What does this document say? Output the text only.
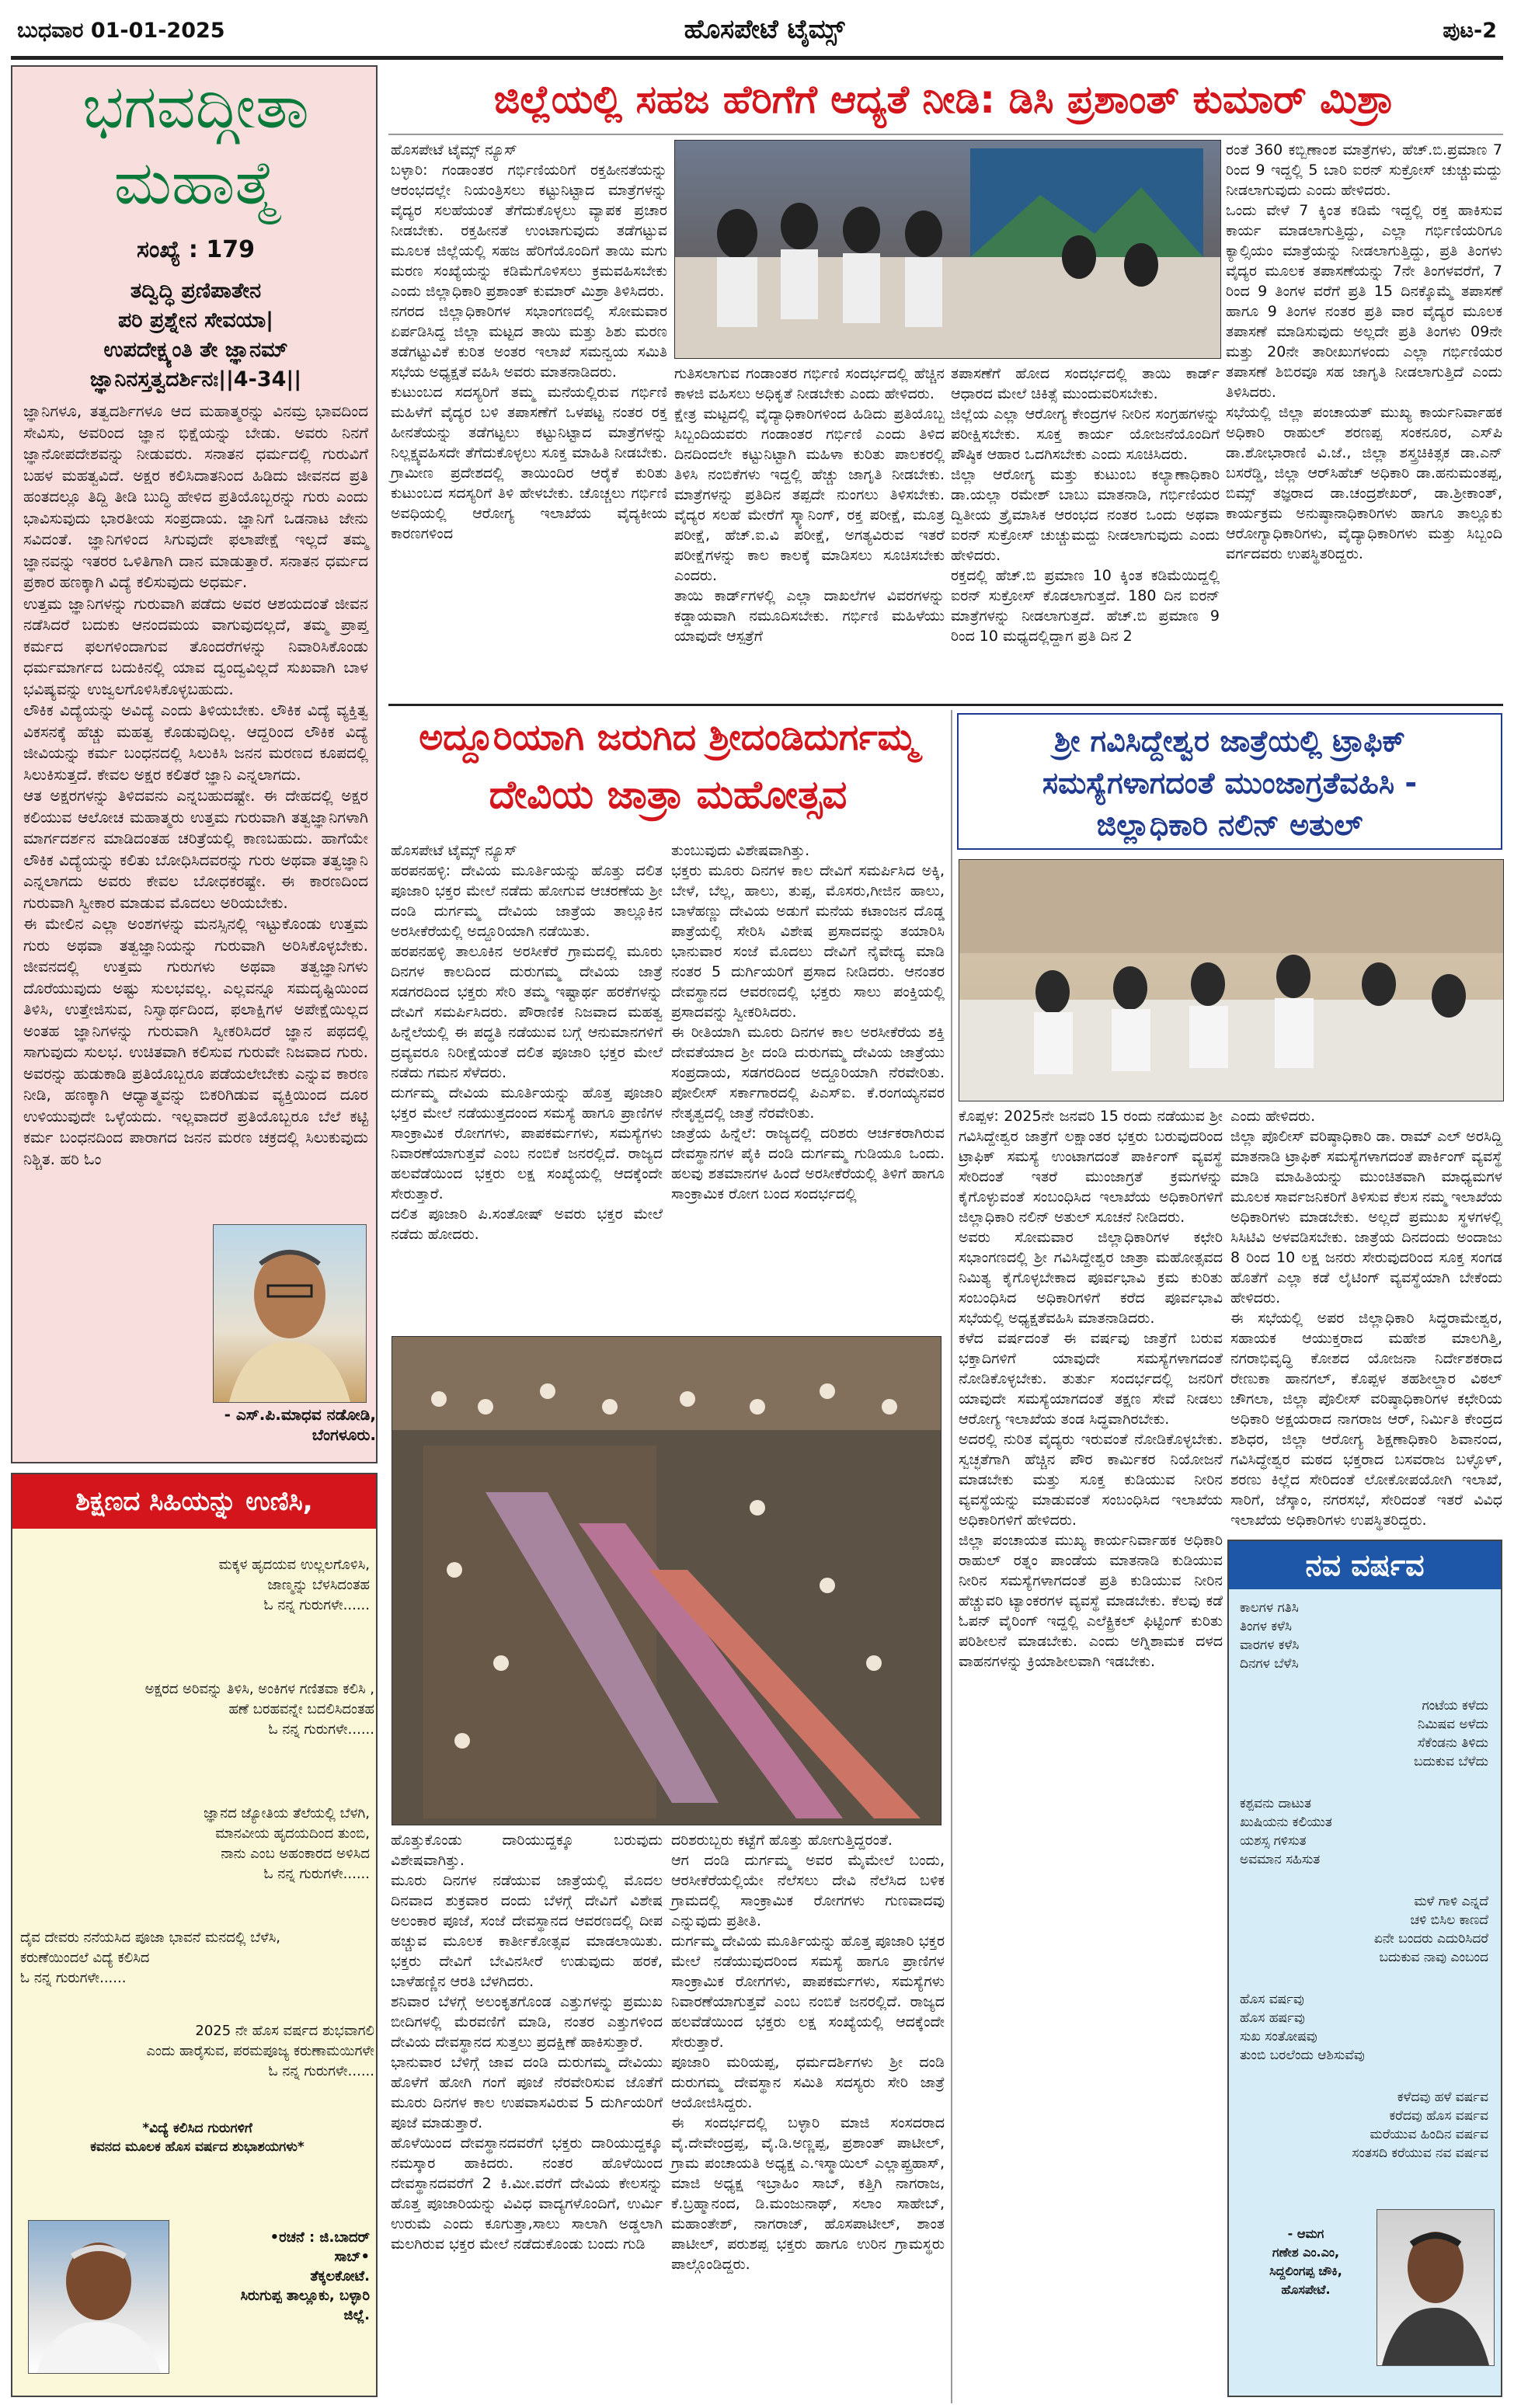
ಬುಧವಾರ 01-01-2025	ಹೊಸಪೇಟೆ ಟೈಮ್ಸ್	ಪುಟ-2
ಭಗವದ್ಗೀತಾ
ಮಹಾತ್ಮೆ
ಸಂಖ್ಯೆ : 179
ತದ್ವಿದ್ಧಿ ಪ್ರಣಿಪಾತೇನ
ಪರಿ ಪ್ರಶ್ನೇನ ಸೇವಯಾ|
ಉಪದೇಕ್ಷ್ಯಂತಿ ತೇ ಜ್ಞಾನಮ್
ಜ್ಞಾನಿನಸ್ತತ್ವದರ್ಶಿನಃ||4-34||
ಜ್ಞಾನಿಗಳೂ, ತತ್ವದರ್ಶಿಗಳೂ ಆದ ಮಹಾತ್ಮರನ್ನು ವಿನಮ್ರ ಭಾವದಿಂದ ಸೇವಿಸು, ಅವರಿಂದ ಜ್ಞಾನ ಭಿಕ್ಷೆಯನ್ನು ಬೇಡು. ಅವರು ನಿನಗೆ ಜ್ಞಾನೋಪದೇಶವನ್ನು ನೀಡುವರು. ಸನಾತನ ಧರ್ಮದಲ್ಲಿ ಗುರುವಿಗೆ ಬಹಳ ಮಹತ್ವವಿದೆ. ಅಕ್ಷರ ಕಲಿಸಿದಾತನಿಂದ ಹಿಡಿದು ಜೀವನದ ಪ್ರತಿ ಹಂತದಲ್ಲೂ ತಿದ್ದಿ ತೀಡಿ ಬುದ್ಧಿ ಹೇಳಿದ ಪ್ರತಿಯೊಬ್ಬರನ್ನು ಗುರು ಎಂದು ಭಾವಿಸುವುದು ಭಾರತೀಯ ಸಂಪ್ರದಾಯ. ಜ್ಞಾನಿಗೆ ಒಡನಾಟ ಜೇನು ಸವಿದಂತೆ. ಜ್ಞಾನಿಗಳಿಂದ ಸಿಗುವುದೇ ಫಲಾಪೇಕ್ಷೆ ಇಲ್ಲದೆ ತಮ್ಮ ಜ್ಞಾನವನ್ನು ಇತರರ ಒಳಿತಿಗಾಗಿ ದಾನ ಮಾಡುತ್ತಾರೆ. ಸನಾತನ ಧರ್ಮದ ಪ್ರಕಾರ ಹಣಕ್ಕಾಗಿ ವಿದ್ಯೆ ಕಲಿಸುವುದು ಅಧರ್ಮ.
ಉತ್ತಮ ಜ್ಞಾನಿಗಳನ್ನು ಗುರುವಾಗಿ ಪಡೆದು ಅವರ ಆಶಯದಂತೆ ಜೀವನ ನಡೆಸಿದರೆ ಬದುಕು ಆನಂದಮಯ ವಾಗುವುದಲ್ಲದೆ, ತಮ್ಮ ಪ್ರಾಪ್ತ ಕರ್ಮದ ಫಲಗಳಿಂದಾಗುವ ತೊಂದರೆಗಳನ್ನು ನಿವಾರಿಸಿಕೊಂಡು ಧರ್ಮಮಾರ್ಗದ ಬದುಕಿನಲ್ಲಿ ಯಾವ ದ್ವಂದ್ವವಿಲ್ಲದೆ ಸುಖವಾಗಿ ಬಾಳ ಭವಿಷ್ಯವನ್ನು ಉಜ್ವಲಗೊಳಿಸಿಕೊಳ್ಳಬಹುದು.
ಲೌಕಿಕ ವಿದ್ಯೆಯನ್ನು ಅವಿದ್ಯೆ ಎಂದು ತಿಳಿಯಬೇಕು. ಲೌಕಿಕ ವಿದ್ಯೆ ವ್ಯಕ್ತಿತ್ವ ವಿಕಸನಕ್ಕೆ ಹೆಚ್ಚು ಮಹತ್ವ ಕೊಡುವುದಿಲ್ಲ. ಆದ್ದರಿಂದ ಲೌಕಿಕ ವಿದ್ಯೆ ಜೀವಿಯನ್ನು ಕರ್ಮ ಬಂಧನದಲ್ಲಿ ಸಿಲುಕಿಸಿ ಜನನ ಮರಣದ ಕೂಪದಲ್ಲಿ ಸಿಲುಕಿಸುತ್ತದೆ. ಕೇವಲ ಅಕ್ಷರ ಕಲಿತರೆ ಜ್ಞಾನಿ ಎನ್ನಲಾಗದು.
ಆತ ಅಕ್ಷರಗಳನ್ನು ತಿಳಿದವನು ಎನ್ನಬಹುದಷ್ಟೇ. ಈ ದೇಹದಲ್ಲಿ ಅಕ್ಷರ ಕಲಿಯುವ ಆಲೋಚ ಮಹಾತ್ಮರು ಉತ್ತಮ ಗುರುವಾಗಿ ತತ್ವಜ್ಞಾನಿಗಳಾಗಿ ಮಾರ್ಗದರ್ಶನ ಮಾಡಿದಂತಹ ಚರಿತ್ರೆಯಲ್ಲಿ ಕಾಣಬಹುದು. ಹಾಗೆಯೇ ಲೌಕಿಕ ವಿದ್ಯೆಯನ್ನು ಕಲಿತು ಬೋಧಿಸಿದವರನ್ನು ಗುರು ಅಥವಾ ತತ್ವಜ್ಞಾನಿ ಎನ್ನಲಾಗದು ಅವರು ಕೇವಲ ಬೋಧಕರಷ್ಟೇ. ಈ ಕಾರಣದಿಂದ ಗುರುವಾಗಿ ಸ್ವೀಕಾರ ಮಾಡುವ ಮೊದಲು ಅರಿಯಬೇಕು.
ಈ ಮೇಲಿನ ಎಲ್ಲಾ ಅಂಶಗಳನ್ನು ಮನಸ್ಸಿನಲ್ಲಿ ಇಟ್ಟುಕೊಂಡು ಉತ್ತಮ ಗುರು ಅಥವಾ ತತ್ವಜ್ಞಾನಿಯನ್ನು ಗುರುವಾಗಿ ಅರಿಸಿಕೊಳ್ಳಬೇಕು. ಜೀವನದಲ್ಲಿ ಉತ್ತಮ ಗುರುಗಳು ಅಥವಾ ತತ್ವಜ್ಞಾನಿಗಳು ದೊರೆಯುವುದು ಅಷ್ಟು ಸುಲಭವಲ್ಲ. ಎಲ್ಲವನ್ನೂ ಸಮದೃಷ್ಟಿಯಿಂದ ತಿಳಿಸಿ, ಉತ್ತೇಜಿಸುವ, ನಿಸ್ವಾರ್ಥದಿಂದ, ಫಲಾಕ್ಷಿಗಳ ಅಪೇಕ್ಷೆಯಿಲ್ಲದ ಅಂತಹ ಜ್ಞಾನಿಗಳನ್ನು ಗುರುವಾಗಿ ಸ್ವೀಕರಿಸಿದರೆ ಜ್ಞಾನ ಪಥದಲ್ಲಿ ಸಾಗುವುದು ಸುಲಭ. ಉಚಿತವಾಗಿ ಕಲಿಸುವ ಗುರುವೇ ನಿಜವಾದ ಗುರು. ಅವರನ್ನು ಹುಡುಕಾಡಿ ಪ್ರತಿಯೊಬ್ಬರೂ ಪಡೆಯಲೇಬೇಕು ಎನ್ನುವ ಕಾರಣ ನೀಡಿ, ಹಣಕ್ಕಾಗಿ ಆಧ್ಯಾತ್ಮವನ್ನು ಬಿಕರಿಗಿಡುವ ವ್ಯಕ್ತಿಯಿಂದ ದೂರ ಉಳಿಯುವುದೇ ಒಳ್ಳೆಯದು. ಇಲ್ಲವಾದರೆ ಪ್ರತಿಯೊಬ್ಬರೂ ಬೆಲೆ ಕಟ್ಟಿ ಕರ್ಮ ಬಂಧನದಿಂದ ಪಾರಾಗದ ಜನನ ಮರಣ ಚಕ್ರದಲ್ಲಿ ಸಿಲುಕುವುದು ನಿಶ್ಚಿತ. ಹರಿ ಓಂ
- ಎಸ್.ಪಿ.ಮಾಧವ ನಡೋಡಿ,
ಬೆಂಗಳೂರು.
ಶಿಕ್ಷಣದ ಸಿಹಿಯನ್ನು ಉಣಿಸಿ,
ಮಕ್ಕಳ ಹೃದಯವ ಉಲ್ಲಲಗೊಳಿಸಿ,
ಜಾಣ್ಮನ್ನು ಬೆಳಸಿದಂತಹ
ಓ ನನ್ನ ಗುರುಗಳೇ......
ಅಕ್ಷರದ ಅರಿವನ್ನು ತಿಳಿಸಿ, ಅಂಕಿಗಳ ಗಣಿತವಾ ಕಲಿಸಿ ,
ಹಣೆ ಬರಹವನ್ನೇ ಬದಲಿಸಿದಂತಹ
ಓ ನನ್ನ ಗುರುಗಳೇ......
ಜ್ಞಾನದ ಜ್ಯೋತಿಯ ತೆಲೆಯಲ್ಲಿ ಬೆಳಗಿ,
ಮಾನವೀಯ ಹೃದಯದಿಂದ ತುಂಬಿ,
ನಾನು ಎಂಬ ಅಹಂಕಾರದ ಅಳಿಸಿದ
ಓ ನನ್ನ ಗುರುಗಳೇ......
ದೈವ ದೇವರು ನನೆಯಸಿದ ಪೂಜಾ ಭಾವನೆ ಮನದಲ್ಲಿ ಬೆಳೆಸಿ,
ಕರುಣೆಯಿಂದಲೆ ವಿದ್ಯೆ ಕಲಿಸಿದ
ಓ ನನ್ನ ಗುರುಗಳೇ......
2025 ನೇ ಹೊಸ ವರ್ಷದ ಶುಭವಾಗಲಿ
ಎಂದು ಹಾರೈಸುವ, ಪರಮಪೂಜ್ಯ ಕರುಣಾಮಯಿಗಳೇ
ಓ ನನ್ನ ಗುರುಗಳೇ......
*ವಿದ್ಯೆ ಕಲಿಸಿದ ಗುರುಗಳಿಗೆ
ಕವನದ ಮೂಲಕ ಹೊಸ ವರ್ಷದ ಶುಭಾಶಯಗಳು*
•ರಚನೆ : ಜಿ.ಬಾದರ್
ಸಾಬ್•
ತೆಕ್ಕಲಕೋಟೆ.
ಸಿರುಗುಪ್ಪ ತಾಲ್ಲೂಕು, ಬಳ್ಳಾರಿ
ಜಿಲ್ಲೆ.
ಜಿಲ್ಲೆಯಲ್ಲಿ ಸಹಜ ಹೆರಿಗೆಗೆ ಆದ್ಯತೆ ನೀಡಿ: ಡಿಸಿ ಪ್ರಶಾಂತ್ ಕುಮಾರ್ ಮಿಶ್ರಾ
ಹೊಸಪೇಟೆ ಟೈಮ್ಸ್ ನ್ಯೂಸ್
ಬಳ್ಳಾರಿ: ಗಂಡಾಂತರ ಗರ್ಭಿಣಿಯರಿಗೆ ರಕ್ತಹೀನತೆಯನ್ನು ಆರಂಭದಲ್ಲೇ ನಿಯಂತ್ರಿಸಲು ಕಟ್ಟುನಿಟ್ಟಾದ ಮಾತ್ರೆಗಳನ್ನು ವೈದ್ಯರ ಸಲಹೆಯಂತೆ ತೆಗೆದುಕೊಳ್ಳಲು ವ್ಯಾಪಕ ಪ್ರಚಾರ ನೀಡಬೇಕು. ರಕ್ತಹೀನತೆ ಉಂಟಾಗುವುದು ತಡೆಗಟ್ಟುವ ಮೂಲಕ ಜಿಲ್ಲೆಯಲ್ಲಿ ಸಹಜ ಹೆರಿಗೆಯೊಂದಿಗೆ ತಾಯಿ ಮಗು ಮರಣ ಸಂಖ್ಯೆಯನ್ನು ಕಡಿಮೆಗೊಳಿಸಲು ಕ್ರಮವಹಿಸಬೇಕು ಎಂದು ಜಿಲ್ಲಾಧಿಕಾರಿ ಪ್ರಶಾಂತ್ ಕುಮಾರ್ ಮಿಶ್ರಾ ತಿಳಿಸಿದರು.
ನಗರದ ಜಿಲ್ಲಾಧಿಕಾರಿಗಳ ಸಭಾಂಗಣದಲ್ಲಿ ಸೋಮವಾರ ಏರ್ಪಡಿಸಿದ್ದ ಜಿಲ್ಲಾ ಮಟ್ಟದ ತಾಯಿ ಮತ್ತು ಶಿಶು ಮರಣ ತಡೆಗಟ್ಟುವಿಕೆ ಕುರಿತ ಅಂತರ ಇಲಾಖೆ ಸಮನ್ವಯ ಸಮಿತಿ ಸಭೆಯ ಅಧ್ಯಕ್ಷತೆ ವಹಿಸಿ ಅವರು ಮಾತನಾಡಿದರು.
ಕುಟುಂಬದ ಸದಸ್ಯರಿಗೆ ತಮ್ಮ ಮನೆಯಲ್ಲಿರುವ ಗರ್ಭಿಣಿ ಮಹಿಳೆಗೆ ವೈದ್ಯರ ಬಳಿ ತಪಾಸಣೆಗೆ ಒಳಪಟ್ಟ ನಂತರ ರಕ್ತ ಹೀನತೆಯನ್ನು ತಡೆಗಟ್ಟಲು ಕಟ್ಟುನಿಟ್ಟಾದ ಮಾತ್ರೆಗಳನ್ನು ನಿಲ್ಲಕ್ಷ್ಯವಹಿಸದೇ ತೆಗೆದುಕೊಳ್ಳಲು ಸೂಕ್ತ ಮಾಹಿತಿ ನೀಡಬೇಕು. ಗ್ರಾಮೀಣ ಪ್ರದೇಶದಲ್ಲಿ ತಾಯಿಂದಿರ ಆರೈಕೆ ಕುರಿತು ಕುಟುಂಬದ ಸದಸ್ಯರಿಗೆ ತಿಳಿ ಹೇಳಬೇಕು. ಚೊಚ್ಚಲು ಗರ್ಭಿಣಿ ಅವಧಿಯಲ್ಲಿ ಆರೋಗ್ಯ ಇಲಾಖೆಯ ವೈದ್ಯಕೀಯ ಕಾರಣಗಳಿಂದ
ಗುತಿಸಲಾಗುವ ಗಂಡಾಂತರ ಗರ್ಭಿಣಿ ಸಂದರ್ಭದಲ್ಲಿ ಹೆಚ್ಚಿನ ಕಾಳಜಿ ವಹಿಸಲು ಅಧಿಕೃತೆ ನೀಡಬೇಕು ಎಂದು ಹೇಳಿದರು.
ಕ್ಷೇತ್ರ ಮಟ್ಟದಲ್ಲಿ ವೈದ್ಯಾಧಿಕಾರಿಗಳಿಂದ ಹಿಡಿದು ಪ್ರತಿಯೊಬ್ಬ ಸಿಬ್ಬಂದಿಯವರು ಗಂಡಾಂತರ ಗರ್ಭಿಣಿ ಎಂದು ತಿಳಿದ ದಿನದಿಂದಲೇ ಕಟ್ಟುನಿಟ್ಟಾಗಿ ಮಹಿಳಾ ಕುರಿತು ಪಾಲಕರಲ್ಲಿ ತಿಳಿಸಿ ನಂಬಿಕೆಗಳು ಇದ್ದಲ್ಲಿ ಹೆಚ್ಚು ಜಾಗೃತಿ ನೀಡಬೇಕು. ಮಾತ್ರೆಗಳನ್ನು ಪ್ರತಿದಿನ ತಪ್ಪದೇ ನುಂಗಲು ತಿಳಿಸಬೇಕು. ವೈದ್ಯರ ಸಲಹೆ ಮೇರೆಗೆ ಸ್ಕ್ಯಾನಿಂಗ್, ರಕ್ತ ಪರೀಕ್ಷೆ, ಮೂತ್ರ ಪರೀಕ್ಷೆ, ಹೆಚ್.ಐ.ವಿ ಪರೀಕ್ಷೆ, ಅಗತ್ಯವಿರುವ ಇತರೆ ಪರೀಕ್ಷೆಗಳನ್ನು ಕಾಲ ಕಾಲಕ್ಕೆ ಮಾಡಿಸಲು ಸೂಚಿಸಬೇಕು ಎಂದರು.
ತಾಯಿ ಕಾರ್ಡ್‌ಗಳಲ್ಲಿ ಎಲ್ಲಾ ದಾಖಲೆಗಳ ವಿವರಗಳನ್ನು ಕಡ್ಡಾಯವಾಗಿ ನಮೂದಿಸಬೇಕು. ಗರ್ಭಿಣಿ ಮಹಿಳೆಯು ಯಾವುದೇ ಆಸ್ಪತ್ರೆಗೆ
ತಪಾಸಣೆಗೆ ಹೋದ ಸಂದರ್ಭದಲ್ಲಿ ತಾಯಿ ಕಾರ್ಡ್ ಆಧಾರದ ಮೇಲೆ ಚಿಕಿತ್ಸೆ ಮುಂದುವರಿಸಬೇಕು.
ಜಿಲ್ಲೆಯ ಎಲ್ಲಾ ಆರೋಗ್ಯ ಕೇಂದ್ರಗಳ ನೀರಿನ ಸಂಗ್ರಹಗಳನ್ನು ಪರೀಕ್ಷಿಸಬೇಕು. ಸೂಕ್ತ ಕಾರ್ಯ ಯೋಜನೆಯೊಂದಿಗೆ ಪೌಷ್ಠಿಕ ಆಹಾರ ಒದಗಿಸಬೇಕು ಎಂದು ಸೂಚಿಸಿದರು.
ಜಿಲ್ಲಾ ಆರೋಗ್ಯ ಮತ್ತು ಕುಟುಂಬ ಕಲ್ಯಾಣಾಧಿಕಾರಿ ಡಾ.ಯಲ್ಲಾ ರಮೇಶ್ ಬಾಬು ಮಾತನಾಡಿ, ಗರ್ಭಿಣಿಯರ ದ್ವಿತೀಯ ತ್ರೈಮಾಸಿಕ ಆರಂಭದ ನಂತರ ಒಂದು ಅಥವಾ ಐರನ್ ಸುಕ್ರೋಸ್ ಚುಚ್ಚುಮದ್ದು ನೀಡಲಾಗುವುದು ಎಂದು ಹೇಳಿದರು.
ರಕ್ತದಲ್ಲಿ ಹೆಚ್.ಬಿ ಪ್ರಮಾಣ 10 ಕ್ಕಿಂತ ಕಡಿಮೆಯಿದ್ದಲ್ಲಿ ಐರನ್ ಸುಕ್ರೋಸ್ ಕೊಡಲಾಗುತ್ತದೆ. 180 ದಿನ ಐರನ್ ಮಾತ್ರೆಗಳನ್ನು ನೀಡಲಾಗುತ್ತದೆ. ಹೆಚ್.ಬಿ ಪ್ರಮಾಣ 9 ರಿಂದ 10 ಮಧ್ಯದಲ್ಲಿದ್ದಾಗ ಪ್ರತಿ ದಿನ 2
ರಂತೆ 360 ಕಬ್ಬಿಣಾಂಶ ಮಾತ್ರೆಗಳು, ಹೆಚ್.ಬಿ.ಪ್ರಮಾಣ 7 ರಿಂದ 9 ಇದ್ದಲ್ಲಿ 5 ಬಾರಿ ಐರನ್ ಸುಕ್ರೋಸ್ ಚುಚ್ಚುಮದ್ದು ನೀಡಲಾಗುವುದು ಎಂದು ಹೇಳಿದರು.
ಒಂದು ವೇಳೆ 7 ಕ್ಕಿಂತ ಕಡಿಮೆ ಇದ್ದಲ್ಲಿ ರಕ್ತ ಹಾಕಿಸುವ ಕಾರ್ಯ ಮಾಡಲಾಗುತ್ತಿದ್ದು, ಎಲ್ಲಾ ಗರ್ಭಿಣಿಯರಿಗೂ ಕ್ಯಾಲ್ಸಿಯಂ ಮಾತ್ರೆಯನ್ನು ನೀಡಲಾಗುತ್ತಿದ್ದು, ಪ್ರತಿ ತಿಂಗಳು ವೈದ್ಯರ ಮೂಲಕ ತಪಾಸಣೆಯನ್ನು 7ನೇ ತಿಂಗಳವರೆಗೆ, 7 ರಿಂದ 9 ತಿಂಗಳ ವರೆಗೆ ಪ್ರತಿ 15 ದಿನಕ್ಕೊಮ್ಮೆ ತಪಾಸಣೆ ಹಾಗೂ 9 ತಿಂಗಳ ನಂತರ ಪ್ರತಿ ವಾರ ವೈದ್ಯರ ಮೂಲಕ ತಪಾಸಣೆ ಮಾಡಿಸುವುದು ಅಲ್ಲದೇ ಪ್ರತಿ ತಿಂಗಳು 09ನೇ ಮತ್ತು 20ನೇ ತಾರೀಖುಗಳಂದು ಎಲ್ಲಾ ಗರ್ಭಿಣಿಯರ ತಪಾಸಣೆ ಶಿಬಿರವೂ ಸಹ ಜಾಗೃತಿ ನೀಡಲಾಗುತ್ತಿದೆ ಎಂದು ತಿಳಿಸಿದರು.
ಸಭೆಯಲ್ಲಿ ಜಿಲ್ಲಾ ಪಂಚಾಯತ್ ಮುಖ್ಯ ಕಾರ್ಯನಿರ್ವಾಹಕ ಅಧಿಕಾರಿ ರಾಹುಲ್ ಶರಣಪ್ಪ ಸಂಕನೂರ, ಎಸ್‌ಪಿ ಡಾ.ಶೋಭಾರಾಣಿ ವಿ.ಜೆ., ಜಿಲ್ಲಾ ಶಸ್ತ್ರಚಿಕಿತ್ಸಕ ಡಾ.ಎನ್ ಬಸರೆಡ್ಡಿ, ಜಿಲ್ಲಾ ಆರ್‌ಸಿಹೆಚ್ ಅಧಿಕಾರಿ ಡಾ.ಹನುಮಂತಪ್ಪ, ಬಿಮ್ಸ್ ತಜ್ಞರಾದ ಡಾ.ಚಂದ್ರಶೇಖರ್, ಡಾ.ಶ್ರೀಕಾಂತ್, ಕಾರ್ಯಕ್ರಮ ಅನುಷ್ಠಾನಾಧಿಕಾರಿಗಳು ಹಾಗೂ ತಾಲ್ಲೂಕು ಆರೋಗ್ಯಾಧಿಕಾರಿಗಳು, ವೈದ್ಯಾಧಿಕಾರಿಗಳು ಮತ್ತು ಸಿಬ್ಬಂದಿ ವರ್ಗದವರು ಉಪಸ್ಥಿತರಿದ್ದರು.
ಅದ್ದೂರಿಯಾಗಿ ಜರುಗಿದ ಶ್ರೀದಂಡಿದುರ್ಗಮ್ಮ
ದೇವಿಯ ಜಾತ್ರಾ ಮಹೋತ್ಸವ
ಹೊಸಪೇಟೆ ಟೈಮ್ಸ್ ನ್ಯೂಸ್
ಹರಪನಹಳ್ಳಿ: ದೇವಿಯ ಮೂರ್ತಿಯನ್ನು ಹೊತ್ತು ದಲಿತ ಪೂಜಾರಿ ಭಕ್ತರ ಮೇಲೆ ನಡೆದು ಹೋಗುವ ಆಚರಣೆಯ ಶ್ರೀ ದಂಡಿ ದುರ್ಗಮ್ಮ ದೇವಿಯ ಜಾತ್ರೆಯ ತಾಲ್ಲೂಕಿನ ಅರಸೀಕೆರೆಯಲ್ಲಿ ಅದ್ದೂರಿಯಾಗಿ ನಡೆಯಿತು.
ಹರಪನಹಳ್ಳಿ ತಾಲೂಕಿನ ಅರಸೀಕೆರೆ ಗ್ರಾಮದಲ್ಲಿ ಮೂರು ದಿನಗಳ ಕಾಲದಿಂದ ದುರುಗಮ್ಮ ದೇವಿಯ ಜಾತ್ರೆ ಸಡಗರದಿಂದ ಭಕ್ತರು ಸೇರಿ ತಮ್ಮ ಇಷ್ಟಾರ್ಥ ಹರಕೆಗಳನ್ನು ದೇವಿಗೆ ಸಮರ್ಪಿಸಿದರು. ಪೌರಾಣಿಕ ನಿಜವಾದ ಮಹತ್ವ ಹಿನ್ನೆಲೆಯಲ್ಲಿ ಈ ಪದ್ಧತಿ ನಡೆಯುವ ಬಗ್ಗೆ ಆನುಮಾನಗಳಿಗೆ ದ್ರವ್ಯವರೂ ನಿರೀಕ್ಷೆಯಂತೆ ದಲಿತ ಪೂಜಾರಿ ಭಕ್ತರ ಮೇಲೆ ನಡೆದು ಗಮನ ಸೆಳೆದರು.
ದುರ್ಗಮ್ಮ ದೇವಿಯ ಮೂರ್ತಿಯನ್ನು ಹೊತ್ತ ಪೂಜಾರಿ ಭಕ್ತರ ಮೇಲೆ ನಡೆಯುತ್ತದಂಂದ ಸಮಸ್ಯೆ ಹಾಗೂ ಪ್ರಾಣಿಗಳ ಸಾಂಕ್ರಾಮಿಕ ರೋಗಗಳು, ಪಾಪಕರ್ಮಗಳು, ಸಮಸ್ಯೆಗಳು ನಿವಾರಣೆಯಾಗುತ್ತವೆ ಎಂಬ ನಂಬಿಕೆ ಜನರಲ್ಲಿದೆ. ರಾಜ್ಯದ ಹಲವೆಡೆಯಿಂದ ಭಕ್ತರು ಲಕ್ಷ ಸಂಖ್ಯೆಯಲ್ಲಿ ಆದಕ್ಕೆಂದೇ ಸೇರುತ್ತಾರೆ.
ದಲಿತ ಪೂಜಾರಿ ಪಿ.ಸಂತೋಷ್ ಅವರು ಭಕ್ತರ ಮೇಲೆ ನಡೆದು ಹೋದರು.
ತುಂಬುವುದು ವಿಶೇಷವಾಗಿತ್ತು.
ಭಕ್ತರು ಮೂರು ದಿನಗಳ ಕಾಲ ದೇವಿಗೆ ಸಮರ್ಪಿಸಿದ ಅಕ್ಕಿ, ಬೇಳೆ, ಬೆಲ್ಲ, ಹಾಲು, ತುಪ್ಪ, ಮೊಸರು,ಗೀಜಿನ ಹಾಲು, ಬಾಳೆಹಣ್ಣು ದೇವಿಯ ಅಡುಗೆ ಮನೆಯ ಕಟಾಂಜನ ದೊಡ್ಡ ಪಾತ್ರೆಯಲ್ಲಿ ಸೇರಿಸಿ ವಿಶೇಷ ಪ್ರಸಾದವನ್ನು ತಯಾರಿಸಿ ಭಾನುವಾರ ಸಂಜೆ ಮೊದಲು ದೇವಿಗೆ ನೈವೇದ್ಯ ಮಾಡಿ ನಂತರ 5 ದುರ್ಗಿಯರಿಗೆ ಪ್ರಸಾದ ನೀಡಿದರು. ಆನಂತರ ದೇವಸ್ಥಾನದ ಆವರಣದಲ್ಲಿ ಭಕ್ತರು ಸಾಲು ಪಂಕ್ತಿಯಲ್ಲಿ ಪ್ರಸಾದವನ್ನು ಸ್ವೀಕರಿಸಿದರು.
ಈ ರೀತಿಯಾಗಿ ಮೂರು ದಿನಗಳ ಕಾಲ ಅರಸೀಕೆರೆಯ ಶಕ್ತಿ ದೇವತೆಯಾದ ಶ್ರೀ ದಂಡಿ ದುರುಗಮ್ಮ ದೇವಿಯ ಜಾತ್ರೆಯು ಸಂಪ್ರದಾಯ, ಸಡಗರದಿಂದ ಅದ್ದೂರಿಯಾಗಿ ನೆರವೇರಿತು. ಪೋಲೀಸ್ ಸರ್ಕಾಗಾರದಲ್ಲಿ ಪಿಎಸ್ಐ. ಕೆ.ರಂಗಯ್ಯನವರ ನೇತೃತ್ವದಲ್ಲಿ ಜಾತ್ರೆ ನೆರವೇರಿತು.
ಜಾತ್ರೆಯ ಹಿನ್ನೆಲೆ: ರಾಜ್ಯದಲ್ಲಿ ದರಿಶರು ಆರ್ಚಕರಾಗಿರುವ ದೇವಸ್ಥಾನಗಳ ಪೈಕಿ ದಂಡಿ ದುರ್ಗಮ್ಮ ಗುಡಿಯೂ ಒಂದು. ಹಲವು ಶತಮಾನಗಳ ಹಿಂದೆ ಅರಸೀಕೆರೆಯಲ್ಲಿ ತಿಳಿಗೆ ಹಾಗೂ ಸಾಂಕ್ರಾಮಿಕ ರೋಗ ಬಂದ ಸಂದರ್ಭದಲ್ಲಿ
ಹೊತ್ತುಕೊಂಡು ದಾರಿಯುದ್ದಕ್ಕೂ ಬರುವುದು ವಿಶೇಷವಾಗಿತ್ತು.
ಮೂರು ದಿನಗಳ ನಡೆಯುವ ಜಾತ್ರೆಯಲ್ಲಿ ಮೊದಲ ದಿನವಾದ ಶುಕ್ರವಾರ ದಂದು ಬೆಳಗ್ಗೆ ದೇವಿಗೆ ವಿಶೇಷ ಅಲಂಕಾರ ಪೂಜೆ, ಸಂಜೆ ದೇವಸ್ಥಾನದ ಆವರಣದಲ್ಲಿ ದೀಪ ಹಚ್ಚುವ ಮೂಲಕ ಕಾರ್ತೀಕೋತ್ಸವ ಮಾಡಲಾಯಿತು. ಭಕ್ತರು ದೇವಿಗೆ ಬೇವಿನಸೀರೆ ಉಡುವುದು ಹರಕೆ, ಬಾಳೆಹಣ್ಣಿನ ಆರತಿ ಬೆಳಗಿದರು.
ಶನಿವಾರ ಬೆಳಗ್ಗೆ ಅಲಂಕೃತಗೊಂಡ ಎತ್ತುಗಳನ್ನು ಪ್ರಮುಖ ಬೀದಿಗಳಲ್ಲಿ ಮೆರವಣಿಗೆ ಮಾಡಿ, ನಂತರ ಎತ್ತುಗಳಿಂದ ದೇವಿಯ ದೇವಸ್ಥಾನದ ಸುತ್ತಲು ಪ್ರದಕ್ಷಿಣೆ ಹಾಕಿಸುತ್ತಾರೆ.
ಭಾನುವಾರ ಬೆಳಿಗ್ಗೆ ಜಾವ ದಂಡಿ ದುರುಗಮ್ಮ ದೇವಿಯು ಹೊಳೆಗೆ ಹೋಗಿ ಗಂಗೆ ಪೂಜೆ ನೆರವೇರಿಸುವ ಜೊತೆಗೆ ಮೂರು ದಿನಗಳ ಕಾಲ ಉಪವಾಸವಿರುವ 5 ದುರ್ಗಿಯರಿಗೆ ಪೂಜೆ ಮಾಡುತ್ತಾರೆ.
ಹೊಳೆಯಿಂದ ದೇವಸ್ಥಾನದವರೆಗೆ ಭಕ್ತರು ದಾರಿಯುದ್ದಕ್ಕೂ ನಮಸ್ಕಾರ ಹಾಕಿದರು. ನಂತರ ಹೊಳೆಯಿಂದ ದೇವಸ್ಥಾನದವರೆಗೆ 2 ಕಿ.ಮೀ.ವರೆಗೆ ದೇವಿಯ ಕೇಲಸನ್ನು ಹೊತ್ತ ಪೂಜಾರಿಯನ್ನು ವಿವಿಧ ವಾದ್ಯಗಳೊಂದಿಗೆ, ಉರ್ಮಿ ಉರುಮೆ ಎಂದು ಕೂಗುತ್ತಾ,ಸಾಲು ಸಾಲಾಗಿ ಅಡ್ಡಲಾಗಿ ಮಲಗಿರುವ ಭಕ್ತರ ಮೇಲೆ ನಡೆದುಕೊಂಡು ಬಂದು ಗುಡಿ
ದರಿಶರುಬ್ಬರು ಕಟ್ಟೆಗೆ ಹೊತ್ತು ಹೋಗುತ್ತಿದ್ದರಂತೆ.
ಆಗ ದಂಡಿ ದುರ್ಗಮ್ಮ ಅವರ ಮೈಮೇಲೆ ಬಂದು, ಆರಸೀಕೆರೆಯಲ್ಲಿಯೇ ನೆಲೆಸಲು ದೇವಿ ನೆಲೆಸಿದ ಬಳಿಕ ಗ್ರಾಮದಲ್ಲಿ ಸಾಂಕ್ರಾಮಿಕ ರೋಗಗಳು ಗುಣವಾದವು ಎನ್ನುವುದು ಪ್ರತೀತಿ.
ದುರ್ಗಮ್ಮ ದೇವಿಯ ಮೂರ್ತಿಯನ್ನು ಹೊತ್ತ ಪೂಜಾರಿ ಭಕ್ತರ ಮೇಲೆ ನಡೆಯುವುದರಿಂದ ಸಮಸ್ಯೆ ಹಾಗೂ ಪ್ರಾಣಿಗಳ ಸಾಂಕ್ರಾಮಿಕ ರೋಗಗಳು, ಪಾಪಕರ್ಮಗಳು, ಸಮಸ್ಯೆಗಳು ನಿವಾರಣೆಯಾಗುತ್ತವೆ ಎಂಬ ನಂಬಿಕೆ ಜನರಲ್ಲಿದೆ. ರಾಜ್ಯದ ಹಲವೆಡೆಯಿಂದ ಭಕ್ತರು ಲಕ್ಷ ಸಂಖ್ಯೆಯಲ್ಲಿ ಆದಕ್ಕೆಂದೇ ಸೇರುತ್ತಾರೆ.
ಪೂಜಾರಿ ಮರಿಯಪ್ಪ, ಧರ್ಮದರ್ಶಿಗಳು ಶ್ರೀ ದಂಡಿ ದುರುಗಮ್ಮ ದೇವಸ್ಥಾನ ಸಮಿತಿ ಸದಸ್ಯರು ಸೇರಿ ಜಾತ್ರೆ ಆಯೋಜಿಸಿದ್ದರು.
ಈ ಸಂದರ್ಭದಲ್ಲಿ ಬಳ್ಳಾರಿ ಮಾಜಿ ಸಂಸದರಾದ ವೈ.ದೇವೇಂದ್ರಪ್ಪ, ವೈ.ಡಿ.ಅಣ್ಣಪ್ಪ, ಪ್ರಶಾಂತ್ ಪಾಟೀಲ್, ಗ್ರಾಮ ಪಂಚಾಯತಿ ಅಧ್ಯಕ್ಷ ಎ.ಇಸ್ಮಾಯಿಲ್ ಎಲ್ಲಾಪ್ಪ್ರಹಾಸ್, ಮಾಜಿ ಅಧ್ಯಕ್ಷ ಇಬ್ರಾಹಿಂ ಸಾಬ್, ಕತ್ತಿಗಿ ನಾಗರಾಜ, ಕೆ.ಬ್ರಹ್ಮಾನಂದ, ಡಿ.ಮಂಜುನಾಥ್, ಸಲಾಂ ಸಾಹೇಬ್, ಮಹಾಂತೇಶ್, ನಾಗರಾಜ್, ಹೊಸಪಾಟೀಲ್, ಶಾಂತ ಪಾಟೀಲ್, ಪರುಶಪ್ಪ ಭಕ್ತರು ಹಾಗೂ ಉರಿನ ಗ್ರಾಮಸ್ಥರು ಪಾಲ್ಗೊಂಡಿದ್ದರು.
ಶ್ರೀ ಗವಿಸಿದ್ದೇಶ್ವರ ಜಾತ್ರೆಯಲ್ಲಿ ಟ್ರಾಫಿಕ್
ಸಮಸ್ಯೆಗಳಾಗದಂತೆ ಮುಂಜಾಗ್ರತೆವಹಿಸಿ -
ಜಿಲ್ಲಾಧಿಕಾರಿ ನಲಿನ್ ಅತುಲ್
ಕೊಪ್ಪಳ: 2025ನೇ ಜನವರಿ 15 ರಂದು ನಡೆಯುವ ಶ್ರೀ ಗವಿಸಿದ್ದೇಶ್ವರ ಜಾತ್ರೆಗೆ ಲಕ್ಷಾಂತರ ಭಕ್ತರು ಬರುವುದರಿಂದ ಟ್ರಾಫಿಕ್ ಸಮಸ್ಯೆ ಉಂಟಾಗದಂತೆ ಪಾರ್ಕಿಂಗ್ ವ್ಯವಸ್ಥೆ ಸೇರಿದಂತೆ ಇತರೆ ಮುಂಜಾಗ್ರತೆ ಕ್ರಮಗಳನ್ನು ಕೈಗೊಳ್ಳುವಂತೆ ಸಂಬಂಧಿಸಿದ ಇಲಾಖೆಯ ಅಧಿಕಾರಿಗಳಿಗೆ ಜಿಲ್ಲಾಧಿಕಾರಿ ನಲಿನ್ ಅತುಲ್ ಸೂಚನೆ ನೀಡಿದರು.
ಅವರು ಸೋಮವಾರ ಜಿಲ್ಲಾಧಿಕಾರಿಗಳ ಕಛೇರಿ ಸಭಾಂಗಣದಲ್ಲಿ ಶ್ರೀ ಗವಿಸಿದ್ದೇಶ್ವರ ಜಾತ್ರಾ ಮಹೋತ್ಸವದ ನಿಮಿತ್ಯ ಕೈಗೊಳ್ಳಬೇಕಾದ ಪೂರ್ವಭಾವಿ ಕ್ರಮ ಕುರಿತು ಸಂಬಂಧಿಸಿದ ಅಧಿಕಾರಿಗಳಿಗೆ ಕರೆದ ಪೂರ್ವಭಾವಿ ಸಭೆಯಲ್ಲಿ ಅಧ್ಯಕ್ಷತೆವಹಿಸಿ ಮಾತನಾಡಿದರು.
ಕಳೆದ ವರ್ಷದಂತೆ ಈ ವರ್ಷವು ಜಾತ್ರೆಗೆ ಬರುವ ಭಕ್ತಾದಿಗಳಿಗೆ ಯಾವುದೇ ಸಮಸ್ಯೆಗಳಾಗದಂತೆ ನೋಡಿಕೊಳ್ಳಬೇಕು. ತುರ್ತು ಸಂದರ್ಭದಲ್ಲಿ ಜನರಿಗೆ ಯಾವುದೇ ಸಮಸ್ಯೆಯಾಗದಂತೆ ತಕ್ಷಣ ಸೇವೆ ನೀಡಲು ಆರೋಗ್ಯ ಇಲಾಖೆಯ ತಂಡ ಸಿದ್ಧವಾಗಿರಬೇಕು.
ಅದರಲ್ಲಿ ನುರಿತ ವೈದ್ಯರು ಇರುವಂತೆ ನೋಡಿಕೊಳ್ಳಬೇಕು. ಸ್ವಚ್ಛತೆಗಾಗಿ ಹೆಚ್ಚಿನ ಪೌರ ಕಾರ್ಮಿಕರ ನಿಯೋಜನೆ ಮಾಡಬೇಕು ಮತ್ತು ಸೂಕ್ತ ಕುಡಿಯುವ ನೀರಿನ ವ್ಯವಸ್ಥೆಯನ್ನು ಮಾಡುವಂತೆ ಸಂಬಂಧಿಸಿದ ಇಲಾಖೆಯ ಅಧಿಕಾರಿಗಳಿಗೆ ಹೇಳಿದರು.
ಜಿಲ್ಲಾ ಪಂಚಾಯತ ಮುಖ್ಯ ಕಾರ್ಯನಿರ್ವಾಹಕ ಅಧಿಕಾರಿ ರಾಹುಲ್ ರತ್ನಂ ಪಾಂಡೆಯ ಮಾತನಾಡಿ ಕುಡಿಯುವ ನೀರಿನ ಸಮಸ್ಯೆಗಳಾಗದಂತೆ ಪ್ರತಿ ಕುಡಿಯುವ ನೀರಿನ ಹೆಚ್ಚುವರಿ ಟ್ಯಾಂಕರಗಳ ವ್ಯವಸ್ಥೆ ಮಾಡಬೇಕು. ಕೆಲವು ಕಡೆ ಓಪನ್ ವೈರಿಂಗ್ ಇದ್ದಲ್ಲಿ ಎಲೆಕ್ಟ್ರಿಕಲ್ ಫಿಟ್ಟಿಂಗ್ ಕುರಿತು ಪರಿಶೀಲನೆ ಮಾಡಬೇಕು. ಎಂದು ಅಗ್ನಿಶಾಮಕ ದಳದ ವಾಹನಗಳನ್ನು ಕ್ರಿಯಾಶೀಲವಾಗಿ ಇಡಬೇಕು.
ಎಂದು ಹೇಳಿದರು.
ಜಿಲ್ಲಾ ಪೊಲೀಸ್ ವರಿಷ್ಠಾಧಿಕಾರಿ ಡಾ. ರಾಮ್ ಎಲ್ ಅರಸಿದ್ದಿ ಮಾತನಾಡಿ ಟ್ರಾಫಿಕ್ ಸಮಸ್ಯೆಗಳಾಗದಂತೆ ಪಾರ್ಕಿಂಗ್ ವ್ಯವಸ್ಥೆ ಮಾಡಿ ಮಾಹಿತಿಯನ್ನು ಮುಂಚಿತವಾಗಿ ಮಾಧ್ಯಮಗಳ ಮೂಲಕ ಸಾರ್ವಜನಿಕರಿಗೆ ತಿಳಿಸುವ ಕೆಲಸ ನಮ್ಮ ಇಲಾಖೆಯ ಅಧಿಕಾರಿಗಳು ಮಾಡಬೇಕು. ಅಲ್ಲದೆ ಪ್ರಮುಖ ಸ್ಥಳಗಳಲ್ಲಿ ಸಿಸಿಟಿವಿ ಅಳವಡಿಸಬೇಕು. ಜಾತ್ರೆಯ ದಿನದಂದು ಅಂದಾಜು 8 ರಿಂದ 10 ಲಕ್ಷ ಜನರು ಸೇರುವುದರಿಂದ ಸೂಕ್ತ ಸಂಗಡ ಹೊತೆಗೆ ಎಲ್ಲಾ ಕಡೆ ಲೈಟಿಂಗ್ ವ್ಯವಸ್ಥೆಯಾಗಿ ಬೇಕೆಂದು ಹೇಳಿದರು.
ಈ ಸಭೆಯಲ್ಲಿ ಅಪರ ಜಿಲ್ಲಾಧಿಕಾರಿ ಸಿದ್ಧರಾಮೇಶ್ವರ, ಸಹಾಯಕ ಆಯುಕ್ತರಾದ ಮಹೇಶ ಮಾಲಗಿತ್ತಿ, ನಗರಾಭಿವೃದ್ಧಿ ಕೋಶದ ಯೋಜನಾ ನಿರ್ದೇಶಕರಾದ ರೇಣುಕಾ ಹಾನಗಲ್, ಕೊಪ್ಪಳ ತಹಶೀಲ್ದಾರ ವಿಠಲ್ ಚೌಗಲಾ, ಜಿಲ್ಲಾ ಪೊಲೀಸ್ ವರಿಷ್ಠಾಧಿಕಾರಿಗಳ ಕಛೇರಿಯ ಅಧಿಕಾರಿ ಅಕ್ಷಯರಾದ ನಾಗರಾಜ ಆರ್, ನಿರ್ಮಿತಿ ಕೇಂದ್ರದ ಶಶಿಧರ, ಜಿಲ್ಲಾ ಆರೋಗ್ಯ ಶಿಕ್ಷಣಾಧಿಕಾರಿ ಶಿವಾನಂದ, ಗವಿಸಿದ್ಧೇಶ್ವರ ಮಠದ ಭಕ್ತರಾದ ಬಸವರಾಜ ಬಳ್ಳೊಳ್, ಶರಣು ಕಿಲ್ಲೆದ ಸೇರಿದಂತೆ ಲೋಕೋಪಯೋಗಿ ಇಲಾಖೆ, ಸಾರಿಗೆ, ಜೆಸ್ಕಾಂ, ನಗರಸಭೆ, ಸೇರಿದಂತೆ ಇತರೆ ವಿವಿಧ ಇಲಾಖೆಯ ಅಧಿಕಾರಿಗಳು ಉಪಸ್ಥಿತರಿದ್ದರು.
ನವ ವರ್ಷವ
ಕಾಲಗಳ ಗತಿಸಿ
ತಿಂಗಳ ಕಳೆಸಿ
ವಾರಗಳ ಕಳೆಸಿ
ದಿನಗಳ ಬೆಳೆಸಿ
ಗಂಟೆಯ ಕಳೆದು
ನಿಮಿಷವ ಅಳೆದು
ಸೆಕೆಂಡನು ತಿಳಿದು
ಬದುಕುವ ಬೆಳೆದು
ಕಶ್ಪವನು ದಾಟುತ
ಖುಷಿಯನು ಕಲಿಯುತ
ಯಶಸ್ಸ ಗಳಿಸುತ
ಅವಮಾನ ಸಹಿಸುತ
ಮಳೆ ಗಾಳಿ ಎನ್ನದೆ
ಚಳಿ ಬಿಸಿಲ ಕಾಣದೆ
ಏನೇ ಬಂದರು ಎದುರಿಸಿದರೆ
ಬದುಕುವ ನಾವು ಎಂಬಂದ
ಹೊಸ ವರ್ಷವು
ಹೊಸ ಹರ್ಷವು
ಸುಖ ಸಂತೋಷವು
ತುಂಬಿ ಬರಲೆಂದು ಆಶಿಸುವೆವು
ಕಳೆದವು ಹಳೆ ವರ್ಷವ
ಕರೆದವು ಹೊಸ ವರ್ಷವ
ಮರೆಯುವ ಹಿಂದಿನ ವರ್ಷವ
ಸಂತಸದಿ ಕರೆಯುವ ನವ ವರ್ಷವ
- ಆಮಗ
ಗಣೇಶ ಎಂ.ಎಂ,
ಸಿದ್ದಲಿಂಗಪ್ಪ ಚೌಕಿ,
ಹೊಸಪೇಟೆ.
